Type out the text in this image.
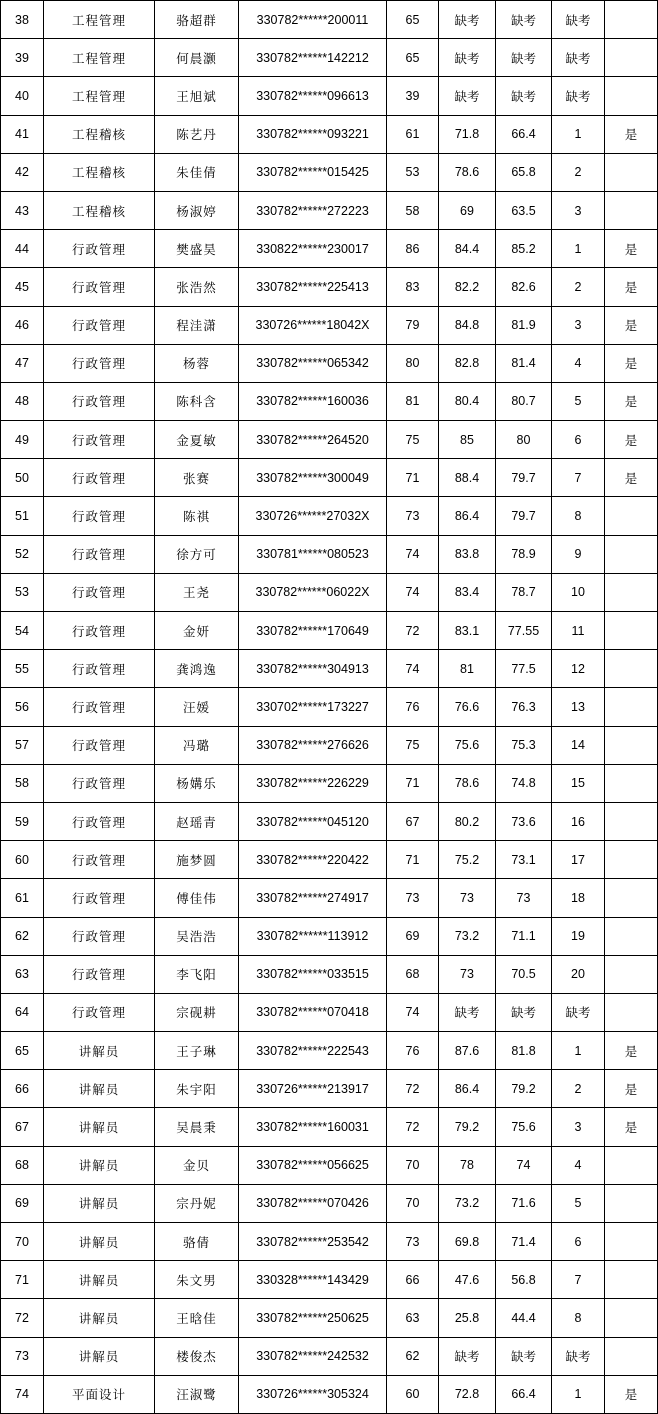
38	工程管理	骆超群	330782******200011	65	缺考	缺考	缺考	
39	工程管理	何晨灏	330782******142212	65	缺考	缺考	缺考	
40	工程管理	王旭斌	330782******096613	39	缺考	缺考	缺考	
41	工程稽核	陈艺丹	330782******093221	61	71.8	66.4	1	是
42	工程稽核	朱佳倩	330782******015425	53	78.6	65.8	2	
43	工程稽核	杨淑婷	330782******272223	58	69	63.5	3	
44	行政管理	樊盛昊	330822******230017	86	84.4	85.2	1	是
45	行政管理	张浩然	330782******225413	83	82.2	82.6	2	是
46	行政管理	程洼潇	330726******18042X	79	84.8	81.9	3	是
47	行政管理	杨蓉	330782******065342	80	82.8	81.4	4	是
48	行政管理	陈科含	330782******160036	81	80.4	80.7	5	是
49	行政管理	金夏敏	330782******264520	75	85	80	6	是
50	行政管理	张赛	330782******300049	71	88.4	79.7	7	是
51	行政管理	陈祺	330726******27032X	73	86.4	79.7	8	
52	行政管理	徐方可	330781******080523	74	83.8	78.9	9	
53	行政管理	王尧	330782******06022X	74	83.4	78.7	10	
54	行政管理	金妍	330782******170649	72	83.1	77.55	11	
55	行政管理	龚鸿逸	330782******304913	74	81	77.5	12	
56	行政管理	汪媛	330702******173227	76	76.6	76.3	13	
57	行政管理	冯璐	330782******276626	75	75.6	75.3	14	
58	行政管理	杨媾乐	330782******226229	71	78.6	74.8	15	
59	行政管理	赵瑶青	330782******045120	67	80.2	73.6	16	
60	行政管理	施梦圆	330782******220422	71	75.2	73.1	17	
61	行政管理	傅佳伟	330782******274917	73	73	73	18	
62	行政管理	吴浩浩	330782******113912	69	73.2	71.1	19	
63	行政管理	李飞阳	330782******033515	68	73	70.5	20	
64	行政管理	宗砚耕	330782******070418	74	缺考	缺考	缺考	
65	讲解员	王子琳	330782******222543	76	87.6	81.8	1	是
66	讲解员	朱宇阳	330726******213917	72	86.4	79.2	2	是
67	讲解员	吴晨秉	330782******160031	72	79.2	75.6	3	是
68	讲解员	金贝	330782******056625	70	78	74	4	
69	讲解员	宗丹妮	330782******070426	70	73.2	71.6	5	
70	讲解员	骆倩	330782******253542	73	69.8	71.4	6	
71	讲解员	朱文男	330328******143429	66	47.6	56.8	7	
72	讲解员	王晗佳	330782******250625	63	25.8	44.4	8	
73	讲解员	楼俊杰	330782******242532	62	缺考	缺考	缺考	
74	平面设计	汪淑鹭	330726******305324	60	72.8	66.4	1	是
